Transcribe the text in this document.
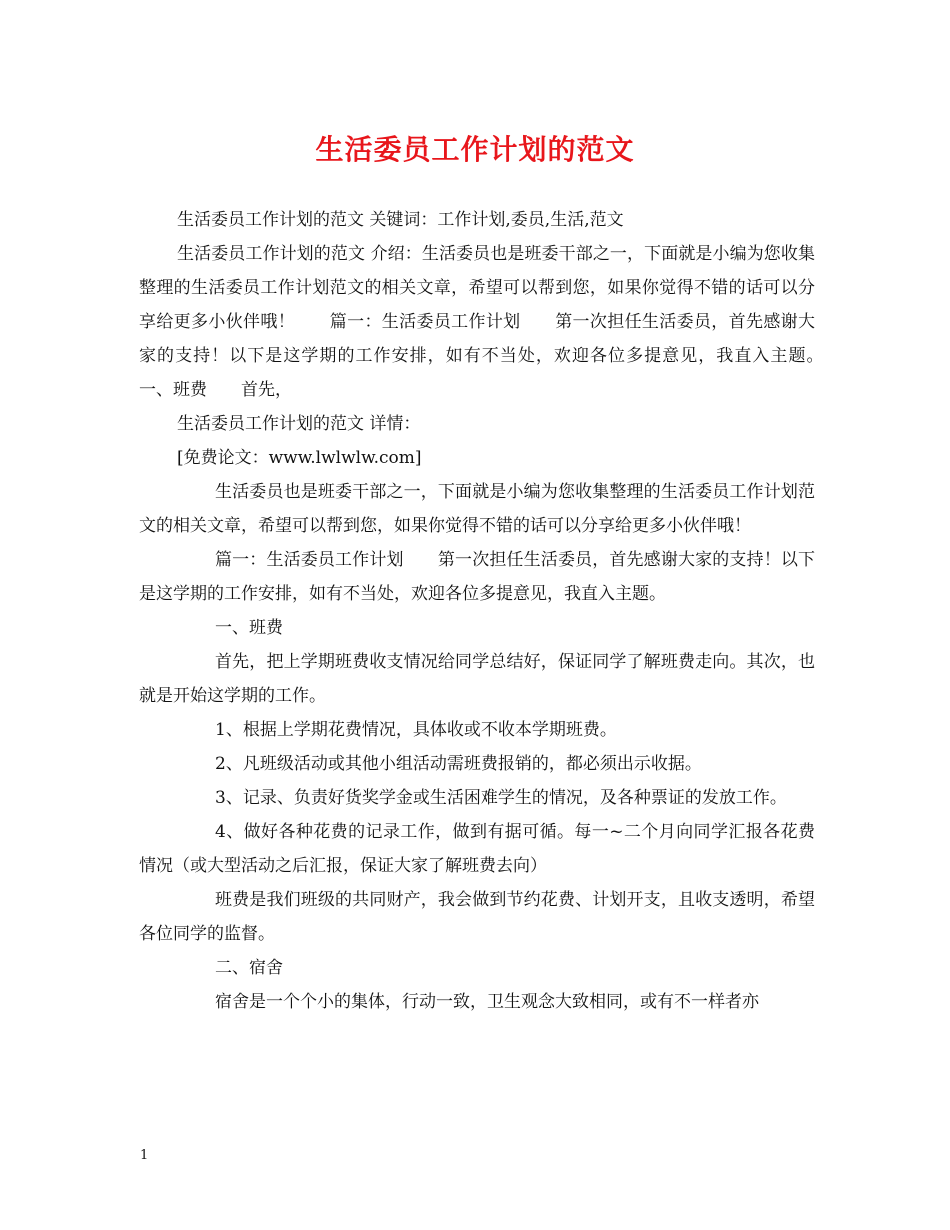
生活委员工作计划的范文

生活委员工作计划的范文 关键词：工作计划,委员,生活,范文

生活委员工作计划的范文 介绍：生活委员也是班委干部之一，下面就是小编为您收集整理的生活委员工作计划范文的相关文章，希望可以帮到您，如果你觉得不错的话可以分享给更多小伙伴哦！　　篇一：生活委员工作计划　　第一次担任生活委员，首先感谢大家的支持！以下是这学期的工作安排，如有不当处，欢迎各位多提意见，我直入主题。　　一、班费　　首先，

生活委员工作计划的范文 详情：

[免费论文：www.lwlwlw.com]

生活委员也是班委干部之一，下面就是小编为您收集整理的生活委员工作计划范文的相关文章，希望可以帮到您，如果你觉得不错的话可以分享给更多小伙伴哦！

篇一：生活委员工作计划　　第一次担任生活委员，首先感谢大家的支持！以下是这学期的工作安排，如有不当处，欢迎各位多提意见，我直入主题。

一、班费

首先，把上学期班费收支情况给同学总结好，保证同学了解班费走向。其次，也就是开始这学期的工作。

1、根据上学期花费情况，具体收或不收本学期班费。

2、凡班级活动或其他小组活动需班费报销的，都必须出示收据。

3、记录、负责好货奖学金或生活困难学生的情况，及各种票证的发放工作。

4、做好各种花费的记录工作，做到有据可循。每一~二个月向同学汇报各花费情况（或大型活动之后汇报，保证大家了解班费去向）

班费是我们班级的共同财产，我会做到节约花费、计划开支，且收支透明，希望各位同学的监督。

二、宿舍

宿舍是一个个小的集体，行动一致，卫生观念大致相同，或有不一样者亦

1
